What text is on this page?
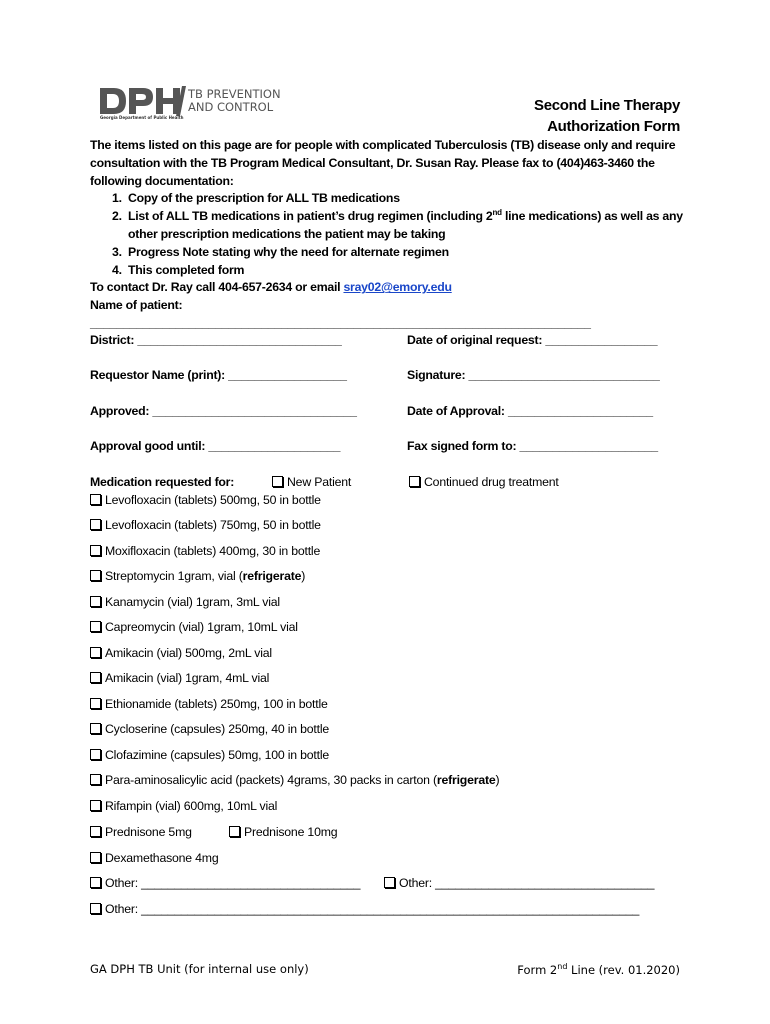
Georgia Department of Public Health
TB PREVENTION
AND CONTROL	Second Line Therapy
Authorization Form
The items listed on this page are for people with complicated Tuberculosis (TB) disease only and require consultation with the TB Program Medical Consultant, Dr. Susan Ray. Please fax to (404)463-3460 the following documentation:
1. Copy of the prescription for ALL TB medications
2. List of ALL TB medications in patient’s drug regimen (including 2nd line medications) as well as any other prescription medications the patient may be taking
3. Progress Note stating why the need for alternate regimen
4. This completed form
To contact Dr. Ray call 404-657-2634 or email sray02@emory.edu
Name of patient: ____________________________________________________________________________
District: _______________________________	Date of original request: _________________
Requestor Name (print): __________________	Signature: _____________________________
Approved: _______________________________	Date of Approval: ______________________
Approval good until: ____________________	Fax signed form to: _____________________
Medication requested for:	New Patient	Continued drug treatment
Levofloxacin (tablets) 500mg, 50 in bottle
Levofloxacin (tablets) 750mg, 50 in bottle
Moxifloxacin (tablets) 400mg, 30 in bottle
Streptomycin 1gram, vial (refrigerate)
Kanamycin (vial) 1gram, 3mL vial
Capreomycin (vial) 1gram, 10mL vial
Amikacin (vial) 500mg, 2mL vial
Amikacin (vial) 1gram, 4mL vial
Ethionamide (tablets) 250mg, 100 in bottle
Cycloserine (capsules) 250mg, 40 in bottle
Clofazimine (capsules) 50mg, 100 in bottle
Para-aminosalicylic acid (packets) 4grams, 30 packs in carton (refrigerate)
Rifampin (vial) 600mg, 10mL vial
Prednisone 5mg	Prednisone 10mg
Dexamethasone 4mg
Other: _________________________________	Other: _________________________________
Other: ___________________________________________________________________________
GA DPH TB Unit (for internal use only)	Form 2nd Line (rev. 01.2020)
